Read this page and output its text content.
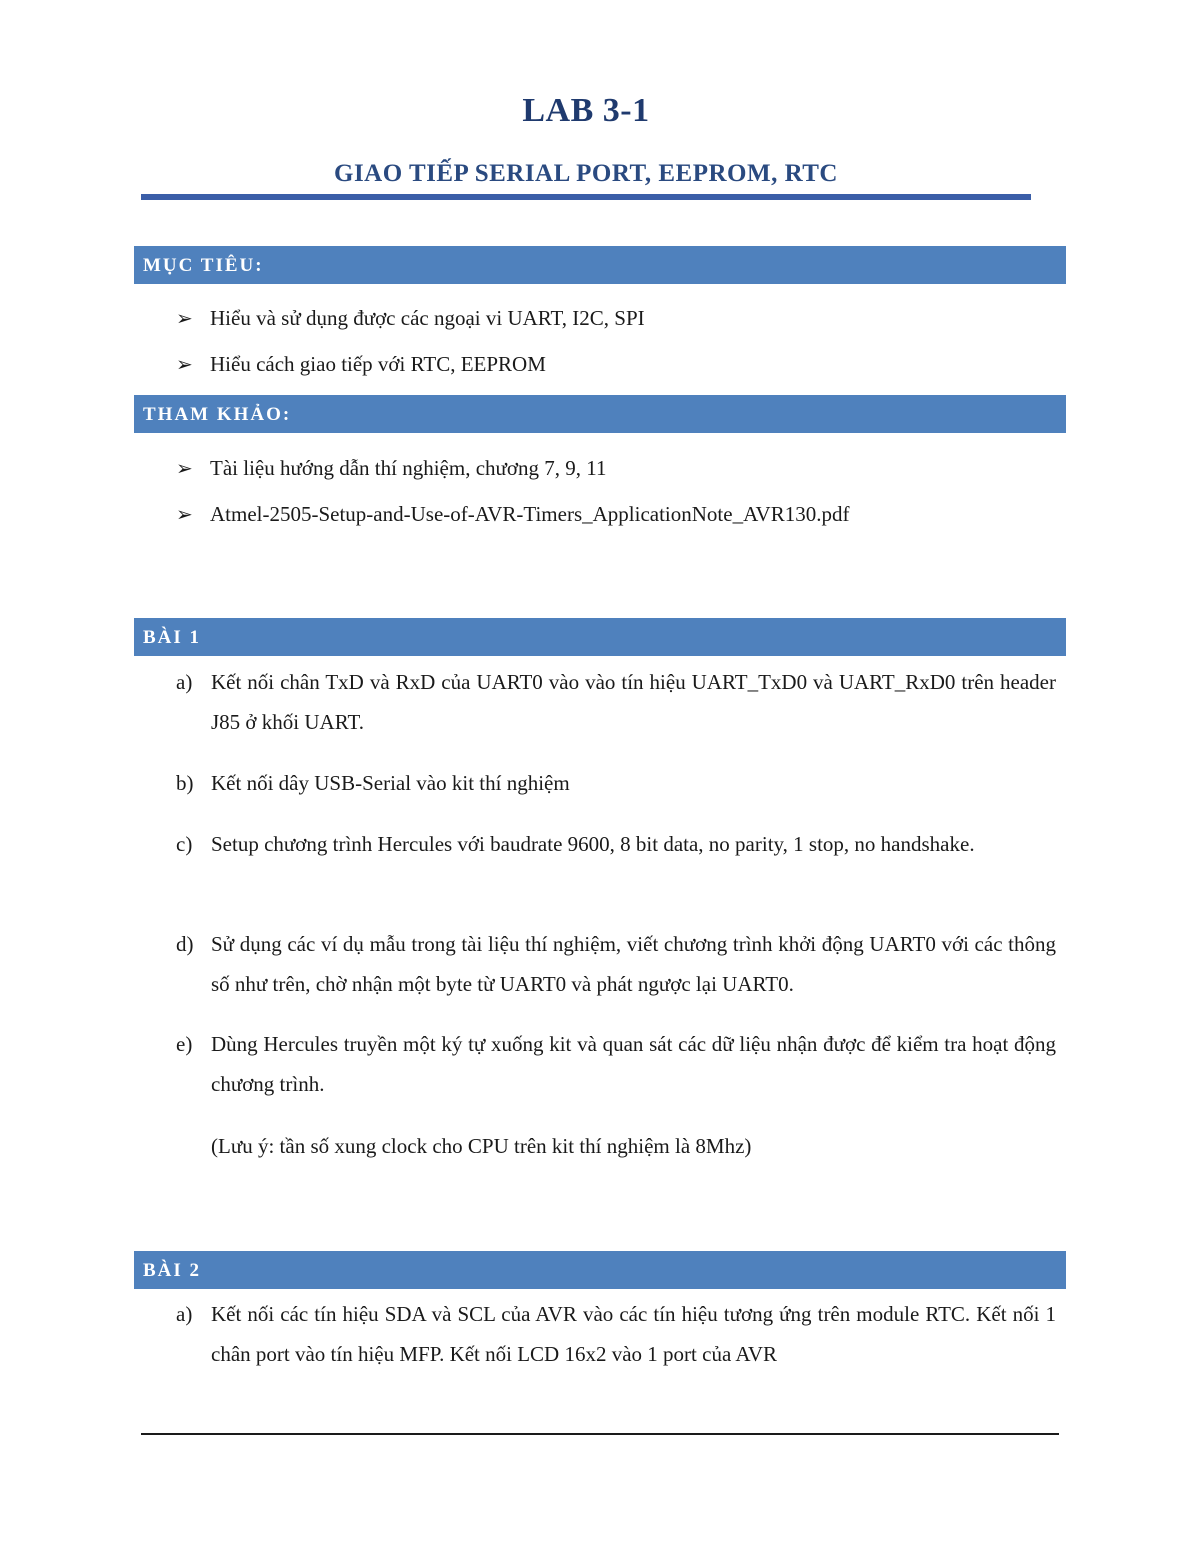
LAB 3-1
GIAO TIẾP SERIAL PORT, EEPROM, RTC
MỤC TIÊU:
➢ Hiểu và sử dụng được các ngoại vi UART, I2C, SPI
➢ Hiểu cách giao tiếp với RTC, EEPROM
THAM KHẢO:
➢ Tài liệu hướng dẫn thí nghiệm, chương 7, 9, 11
➢ Atmel-2505-Setup-and-Use-of-AVR-Timers_ApplicationNote_AVR130.pdf
BÀI 1
a) Kết nối chân TxD và RxD của UART0 vào vào tín hiệu UART_TxD0 và UART_RxD0 trên header J85 ở khối UART.
b) Kết nối dây USB-Serial vào kit thí nghiệm
c) Setup chương trình Hercules với baudrate 9600, 8 bit data, no parity, 1 stop, no handshake.
d) Sử dụng các ví dụ mẫu trong tài liệu thí nghiệm, viết chương trình khởi động UART0 với các thông số như trên, chờ nhận một byte từ UART0 và phát ngược lại UART0.
e) Dùng Hercules truyền một ký tự xuống kit và quan sát các dữ liệu nhận được để kiểm tra hoạt động chương trình.
(Lưu ý: tần số xung clock cho CPU trên kit thí nghiệm là 8Mhz)
BÀI 2
a) Kết nối các tín hiệu SDA và SCL của AVR vào các tín hiệu tương ứng trên module RTC. Kết nối 1 chân port vào tín hiệu MFP. Kết nối LCD 16x2 vào 1 port của AVR
